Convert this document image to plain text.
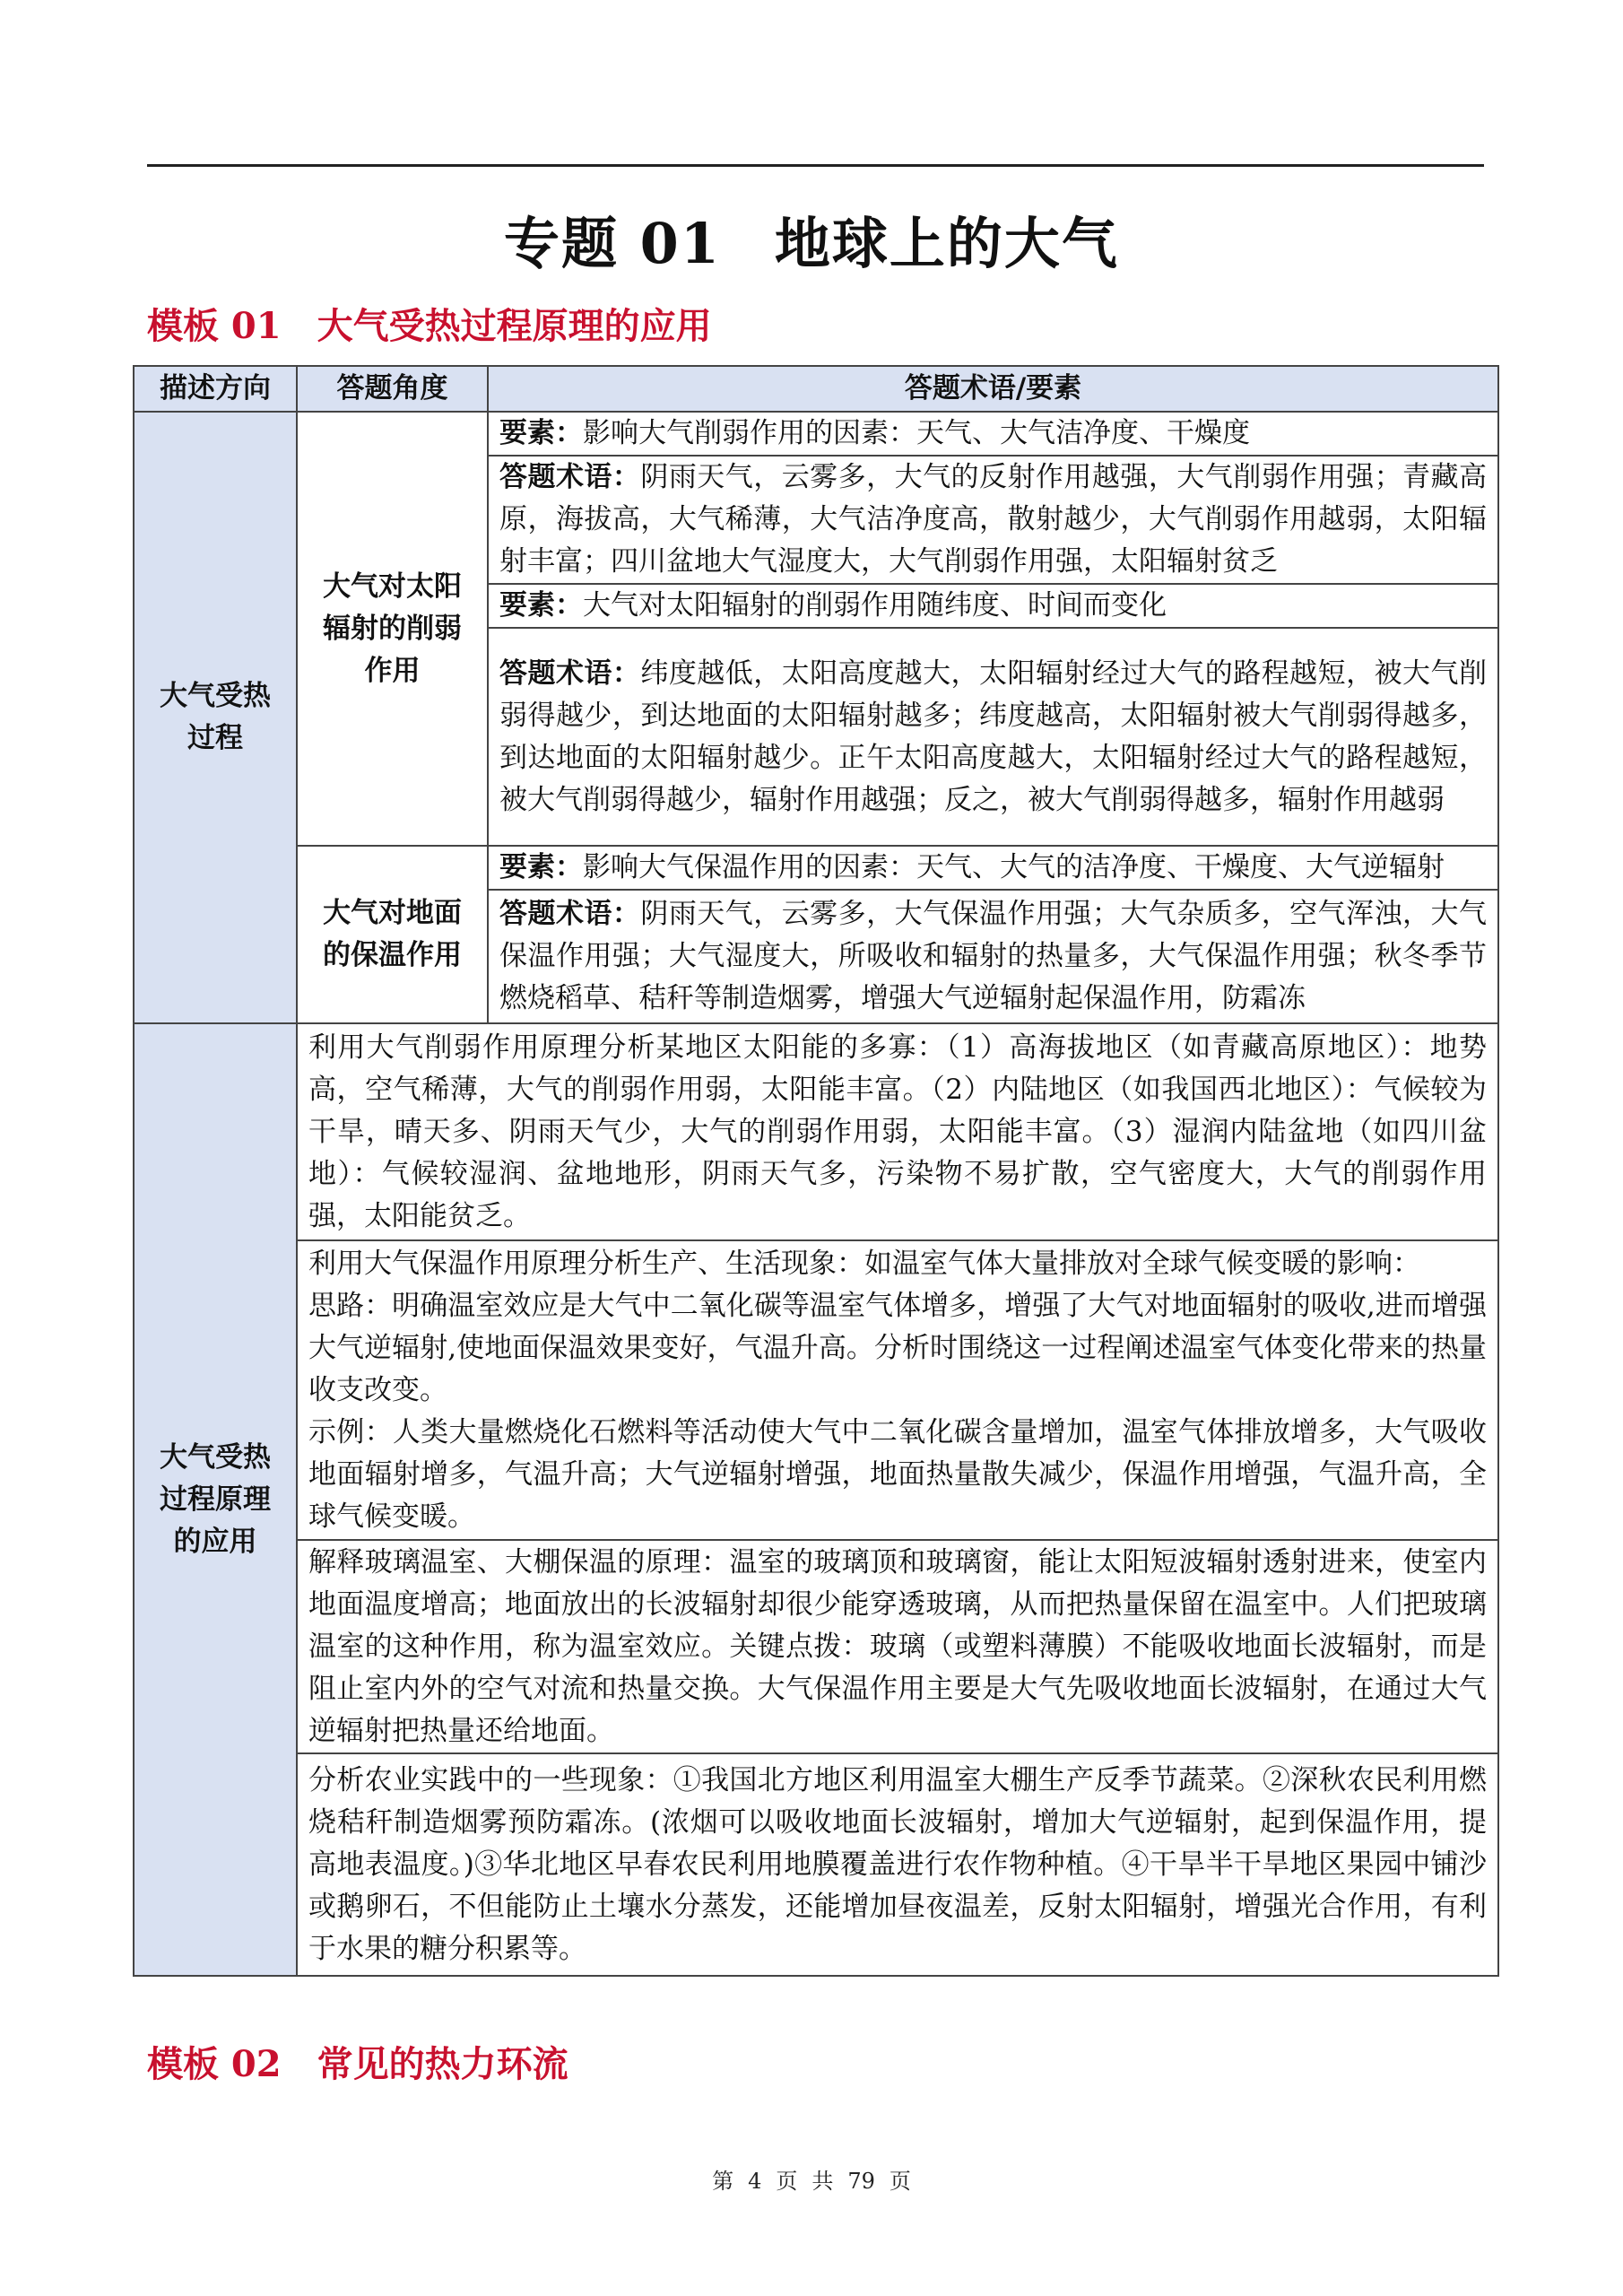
专题 01 地球上的大气
模板 01 大气受热过程原理的应用
描述方向	答题角度	答题术语/要素
大气受热过程	大气对太阳辐射的削弱作用	要素：影响大气削弱作用的因素：天气、大气洁净度、干燥度
		答题术语：阴雨天气，云雾多，大气的反射作用越强，大气削弱作用强；青藏高原，海拔高，大气稀薄，大气洁净度高，散射越少，大气削弱作用越弱，太阳辐射丰富；四川盆地大气湿度大，大气削弱作用强，太阳辐射贫乏
		要素：大气对太阳辐射的削弱作用随纬度、时间而变化
		答题术语：纬度越低，太阳高度越大，太阳辐射经过大气的路程越短，被大气削弱得越少，到达地面的太阳辐射越多；纬度越高，太阳辐射被大气削弱得越多，到达地面的太阳辐射越少。正午太阳高度越大，太阳辐射经过大气的路程越短，被大气削弱得越少，辐射作用越强；反之，被大气削弱得越多，辐射作用越弱
	大气对地面的保温作用	要素：影响大气保温作用的因素：天气、大气的洁净度、干燥度、大气逆辐射
		答题术语：阴雨天气，云雾多，大气保温作用强；大气杂质多，空气浑浊，大气保温作用强；大气湿度大，所吸收和辐射的热量多，大气保温作用强；秋冬季节燃烧稻草、秸秆等制造烟雾，增强大气逆辐射起保温作用，防霜冻
大气受热过程原理的应用	利用大气削弱作用原理分析某地区太阳能的多寡：（1）高海拔地区（如青藏高原地区）：地势高，空气稀薄，大气的削弱作用弱，太阳能丰富。（2）内陆地区（如我国西北地区）：气候较为干旱，晴天多、阴雨天气少，大气的削弱作用弱，太阳能丰富。（3）湿润内陆盆地（如四川盆地）：气候较湿润、盆地地形，阴雨天气多，污染物不易扩散，空气密度大，大气的削弱作用强，太阳能贫乏。	

	利用大气保温作用原理分析生产、生活现象：如温室气体大量排放对全球气候变暖的影响：
思路：明确温室效应是大气中二氧化碳等温室气体增多，增强了大气对地面辐射的吸收,进而增强大气逆辐射,使地面保温效果变好，气温升高。分析时围绕这一过程阐述温室气体变化带来的热量收支改变。
示例：人类大量燃烧化石燃料等活动使大气中二氧化碳含量增加，温室气体排放增多，大气吸收地面辐射增多，气温升高；大气逆辐射增强，地面热量散失减少，保温作用增强，气温升高，全球气候变暖。	

	解释玻璃温室、大棚保温的原理：温室的玻璃顶和玻璃窗，能让太阳短波辐射透射进来，使室内地面温度增高；地面放出的长波辐射却很少能穿透玻璃，从而把热量保留在温室中。人们把玻璃温室的这种作用，称为温室效应。关键点拨：玻璃（或塑料薄膜）不能吸收地面长波辐射，而是阻止室内外的空气对流和热量交换。大气保温作用主要是大气先吸收地面长波辐射，在通过大气逆辐射把热量还给地面。	
	分析农业实践中的一些现象：①我国北方地区利用温室大棚生产反季节蔬菜。②深秋农民利用燃烧秸秆制造烟雾预防霜冻。(浓烟可以吸收地面长波辐射，增加大气逆辐射，起到保温作用，提高地表温度。)③华北地区早春农民利用地膜覆盖进行农作物种植。④干旱半干旱地区果园中铺沙或鹅卵石，不但能防止土壤水分蒸发，还能增加昼夜温差，反射太阳辐射，增强光合作用，有利于水果的糖分积累等。	
模板 02 常见的热力环流
第 4 页 共 79 页
